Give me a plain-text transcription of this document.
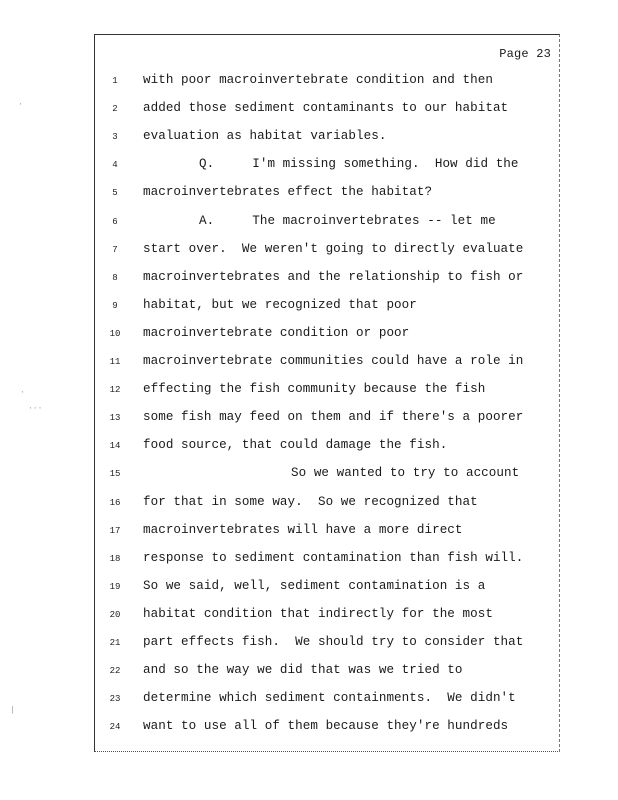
Page 23
1
2
3
4
5
6
7
8
9
10
11
12
13
14
15
16
17
18
19
20
21
22
23
24
with poor macroinvertebrate condition and then
added those sediment contaminants to our habitat
evaluation as habitat variables.
Q.     I'm missing something.  How did the
macroinvertebrates effect the habitat?
A.     The macroinvertebrates -- let me
start over.  We weren't going to directly evaluate
macroinvertebrates and the relationship to fish or
habitat, but we recognized that poor
macroinvertebrate condition or poor
macroinvertebrate communities could have a role in
effecting the fish community because the fish
some fish may feed on them and if there's a poorer
food source, that could damage the fish.
So we wanted to try to account
for that in some way.  So we recognized that
macroinvertebrates will have a more direct
response to sediment contamination than fish will.
So we said, well, sediment contamination is a
habitat condition that indirectly for the most
part effects fish.  We should try to consider that
and so the way we did that was we tried to
determine which sediment containments.  We didn't
want to use all of them because they're hundreds
·
·
···
|
